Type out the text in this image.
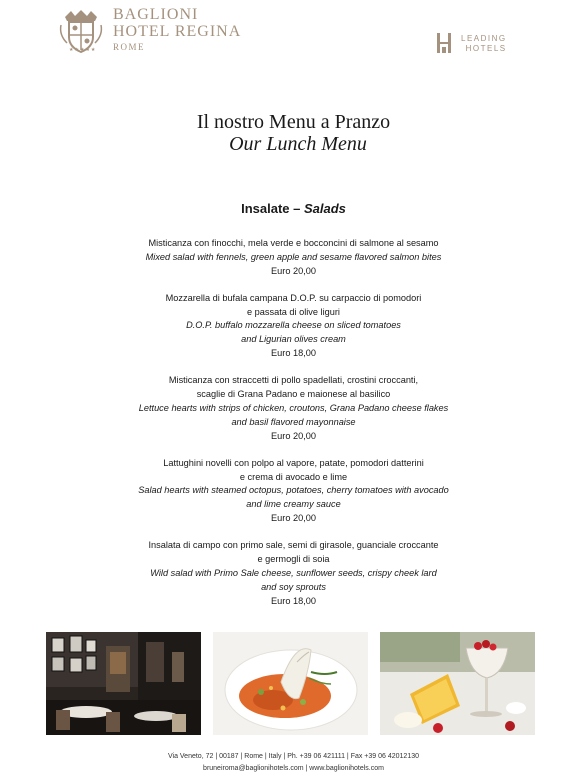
★★★★★
BAGLIONI
HOTEL REGINA
ROME
LEADING
HOTELS
Il nostro Menu a Pranzo
Our Lunch Menu
Insalate – Salads
Misticanza con finocchi, mela verde e bocconcini di salmone al sesamo
Mixed salad with fennels, green apple and sesame flavored salmon bites
Euro 20,00
Mozzarella di bufala campana D.O.P. su carpaccio di pomodori
e passata di olive liguri
D.O.P. buffalo mozzarella cheese on sliced tomatoes
and Ligurian olives cream
Euro 18,00
Misticanza con straccetti di pollo spadellati, crostini croccanti,
scaglie di Grana Padano e maionese al basilico
Lettuce hearts with strips of chicken, croutons, Grana Padano cheese flakes
and basil flavored mayonnaise
Euro 20,00
Lattughini novelli con polpo al vapore, patate, pomodori datterini
e crema di avocado e lime
Salad hearts with steamed octopus, potatoes, cherry tomatoes with avocado
and lime creamy sauce
Euro 20,00
Insalata di campo con primo sale, semi di girasole, guanciale croccante
e germogli di soia
Wild salad with Primo Sale cheese, sunflower seeds, crispy cheek lard
and soy sprouts
Euro 18,00
Via Veneto, 72 | 00187 | Rome | Italy | Ph. +39 06 421111 | Fax +39 06 42012130
bruneiroma@baglionihotels.com | www.baglionihotels.com
